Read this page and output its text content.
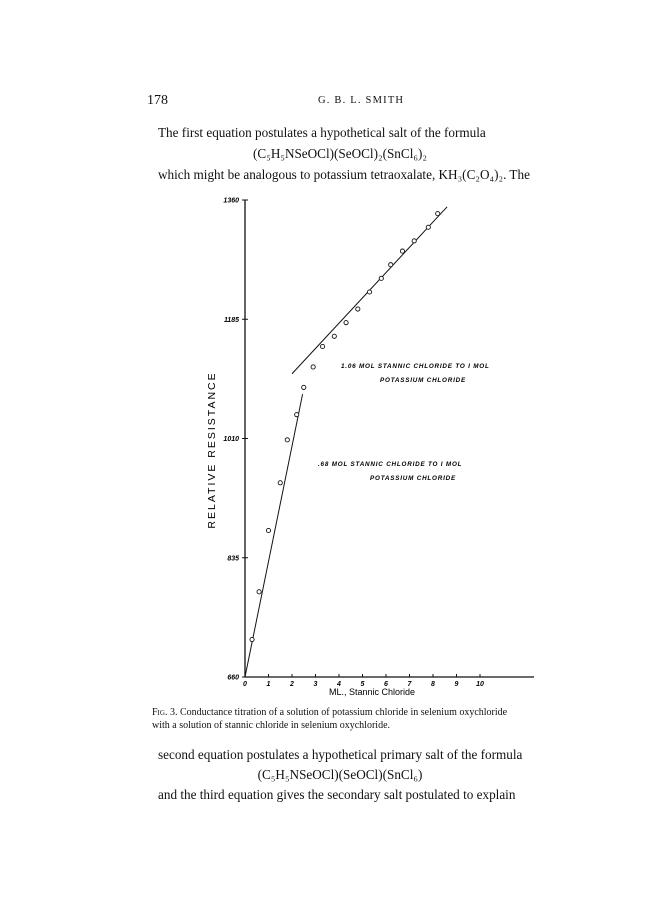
178	G. B. L. SMITH
The first equation postulates a hypothetical salt of the formula
(C₅H₅NSeOCl)(SeOCl)₂(SnCl₆)₂
which might be analogous to potassium tetraoxalate, KH₃(C₂O₄)₂. The
660
835
1010
1185
1360
0	1	2	3	4	5	6	7	8	9	10
RELATIVE RESISTANCE
ML., Stannic Chloride
1.06 MOL STANNIC CHLORIDE TO I MOL
POTASSIUM CHLORIDE
.68 MOL STANNIC CHLORIDE TO I MOL
POTASSIUM CHLORIDE
Fig. 3. Conductance titration of a solution of potassium chloride in selenium oxychloride with a solution of stannic chloride in selenium oxychloride.
second equation postulates a hypothetical primary salt of the formula
(C₅H₅NSeOCl)(SeOCl)(SnCl₆)
and the third equation gives the secondary salt postulated to explain
